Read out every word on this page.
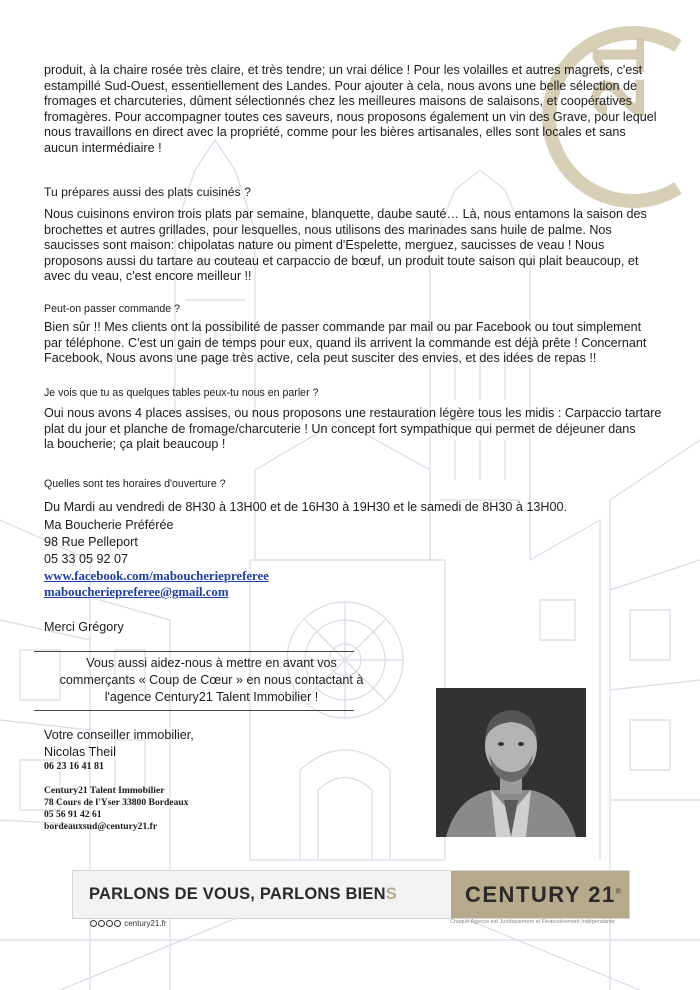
21
produit, à la chaire rosée très claire, et très tendre; un vrai délice ! Pour les volailles et autres magrets, c'est
estampillé Sud-Ouest, essentiellement des Landes. Pour ajouter à cela, nous avons une belle sélection de
fromages et charcuteries, dûment sélectionnés chez les meilleures maisons de salaisons, et coopératives
fromagères. Pour accompagner toutes ces saveurs, nous proposons également un vin des Grave, pour lequel
nous travaillons en direct avec la propriété, comme pour les bières artisanales, elles sont locales et sans
aucun intermédiaire !
Tu prépares aussi des plats cuisinés ?
Nous cuisinons environ trois plats par semaine, blanquette, daube sauté… Là, nous entamons la saison des
brochettes et autres grillades, pour lesquelles, nous utilisons des marinades sans huile de palme. Nos
saucisses sont maison: chipolatas nature ou piment d'Espelette, merguez, saucisses de veau ! Nous
proposons aussi du tartare au couteau et carpaccio de bœuf, un produit toute saison qui plait beaucoup, et
avec du veau, c'est encore meilleur !!
Peut-on passer commande ?
Bien sûr !! Mes clients ont la possibilité de passer commande par mail ou par Facebook ou tout simplement
par téléphone. C'est un gain de temps pour eux, quand ils arrivent la commande est déjà prête ! Concernant
Facebook, Nous avons une page très active, cela peut susciter des envies, et des idées de repas !!
Je vois que tu as quelques tables peux-tu nous en parler ?
Oui nous avons 4 places assises, ou nous proposons une restauration légère tous les midis : Carpaccio tartare
plat du jour et planche de fromage/charcuterie ! Un concept fort sympathique qui permet de déjeuner dans
la boucherie; ça plait beaucoup !
Quelles sont tes horaires d'ouverture ?
Du Mardi au vendredi de 8H30 à 13H00 et de 16H30 à 19H30 et le samedi de 8H30 à 13H00.
Ma Boucherie Préférée
98 Rue Pelleport
05 33 05 92 07
www.facebook.com/maboucheriepreferee
maboucheriepreferee@gmail.com
Merci Grégory
Vous aussi aidez-nous à mettre en avant vos
commerçants « Coup de Cœur » en nous contactant à
l'agence Century21 Talent Immobilier !
Votre conseiller immobilier,
Nicolas Theil
06 23 16 41 81
Century21 Talent Immobilier
78 Cours de l'Yser 33800 Bordeaux
05 56 91 42 61
bordeauxsud@century21.fr
PARLONS DE VOUS, PARLONS BIENS	CENTURY 21®
Chaque Agence est Juridiquement et Financièrement Indépendante
century21.fr
